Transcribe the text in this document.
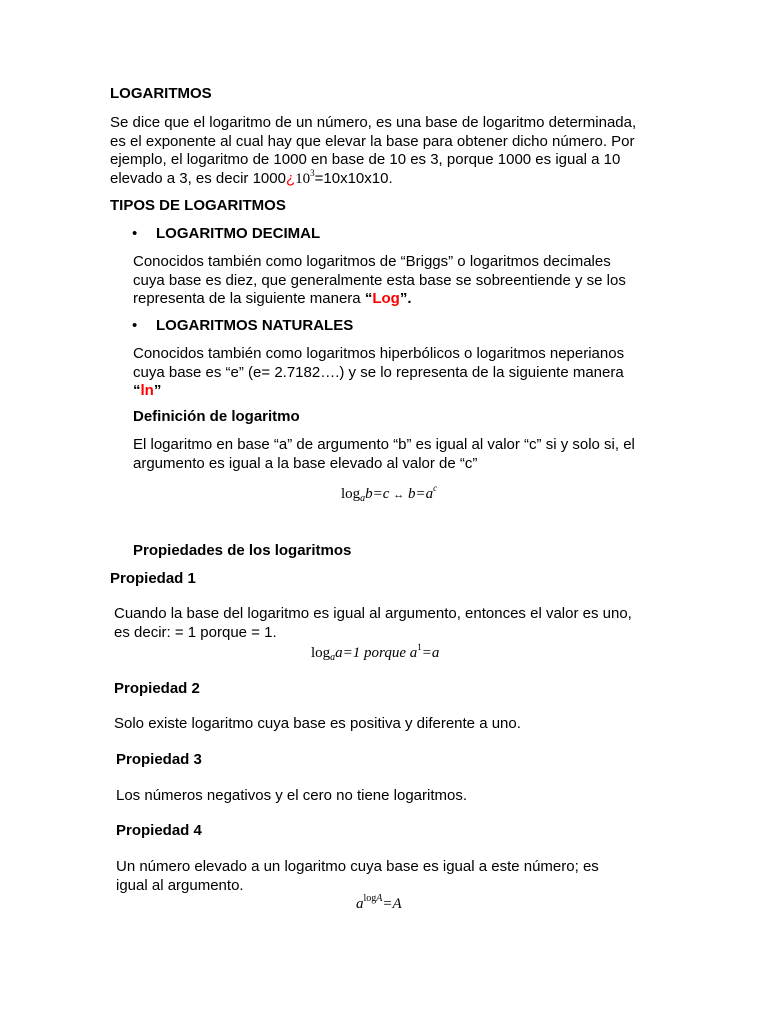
LOGARITMOS
Se dice que el logaritmo de un número, es una base de logaritmo determinada,
es el exponente al cual hay que elevar la base para obtener dicho número. Por
ejemplo, el logaritmo de 1000 en base de 10 es 3, porque 1000 es igual a 10
elevado a 3, es decir $1000¿10^3=10x10x10$.
TIPOS DE LOGARITMOS
• LOGARITMO DECIMAL
Conocidos también como logaritmos de “Briggs” o logaritmos decimales
cuya base es diez, que generalmente esta base se sobreentiende y se los
representa de la siguiente manera “Log”.
• LOGARITMOS NATURALES
Conocidos también como logaritmos hiperbólicos o logaritmos neperianos
cuya base es “e” (e= 2.7182….) y se lo representa de la siguiente manera
“ln”
Definición de logaritmo
El logaritmo en base “a” de argumento “b” es igual al valor “c” si y solo si, el
argumento es igual a la base elevado al valor de “c”
$\log_ab=c$ ↔ $b=a^c$
Propiedades de los logaritmos
Propiedad 1
Cuando la base del logaritmo es igual al argumento, entonces el valor es uno,
es decir: = 1 porque = 1.
$\log_aa=1$ porque $a^1=a$
Propiedad 2
Solo existe logaritmo cuya base es positiva y diferente a uno.
Propiedad 3
Los números negativos y el cero no tiene logaritmos.
Propiedad 4
Un número elevado a un logaritmo cuya base es igual a este número; es
igual al argumento.
$a^{logA}=A$
